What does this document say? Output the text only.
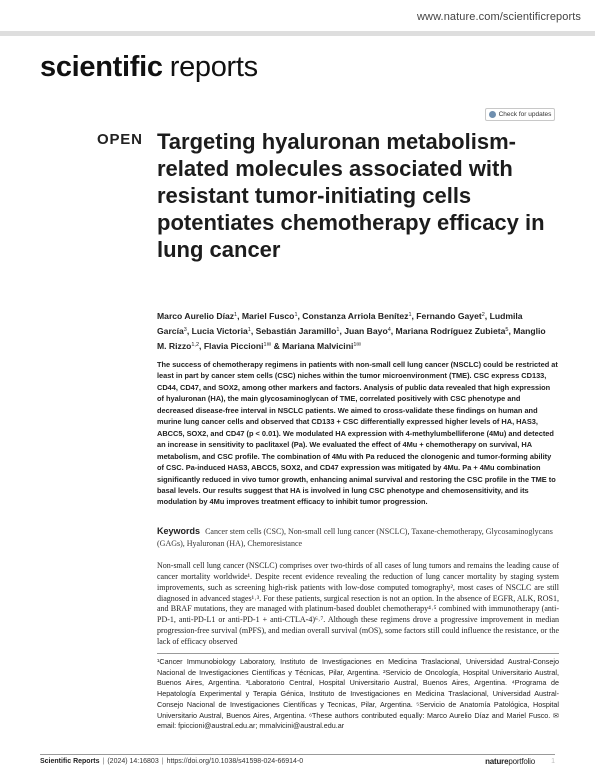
www.nature.com/scientificreports
scientific reports
Check for updates
OPEN Targeting hyaluronan metabolism-related molecules associated with resistant tumor-initiating cells potentiates chemotherapy efficacy in lung cancer
Marco Aurelio Díaz$^1$, Mariel Fusco$^1$, Constanza Arriola Benítez$^1$, Fernando Gayet$^2$, Ludmila García$^3$, Lucia Victoria$^1$, Sebastián Jaramillo$^1$, Juan Bayo$^4$, Mariana Rodríguez Zubieta$^5$, Manglio M. Rizzo$^{1,2}$, Flavia Piccioni$^{1✉}$ & Mariana Malvicini$^{1✉}$

The success of chemotherapy regimens in patients with non-small cell lung cancer (NSCLC) could be restricted at least in part by cancer stem cells (CSC) niches within the tumor microenvironment (TME). CSC express CD133, CD44, CD47, and SOX2, among other markers and factors. Analysis of public data revealed that high expression of hyaluronan (HA), the main glycosaminoglycan of TME, correlated positively with CSC phenotype and decreased disease-free interval in NSCLC patients. We aimed to cross-validate these findings on human and murine lung cancer cells and observed that CD133 + CSC differentially expressed higher levels of HA, HAS3, ABCC5, SOX2, and CD47 (p < 0.01). We modulated HA expression with 4-methylumbelliferone (4Mu) and detected an increase in sensitivity to paclitaxel (Pa). We evaluated the effect of 4Mu + chemotherapy on survival, HA metabolism, and CSC profile. The combination of 4Mu with Pa reduced the clonogenic and tumor-forming ability of CSC. Pa-induced HAS3, ABCC5, SOX2, and CD47 expression was mitigated by 4Mu. Pa + 4Mu combination significantly reduced in vivo tumor growth, enhancing animal survival and restoring the CSC profile in the TME to basal levels. Our results suggest that HA is involved in lung CSC phenotype and chemosensitivity, and its modulation by 4Mu improves treatment efficacy to inhibit tumor progression.

Keywords Cancer stem cells (CSC), Non-small cell lung cancer (NSCLC), Taxane-chemotherapy, Glycosaminoglycans (GAGs), Hyaluronan (HA), Chemoresistance

Non-small cell lung cancer (NSCLC) comprises over two-thirds of all cases of lung tumors and remains the leading cause of cancer mortality worldwide¹. Despite recent evidence revealing the reduction of lung cancer mortality by staging system improvements, such as screening high-risk patients with low-dose computed tomography², most cases of NSCLC are still diagnosed in advanced stages¹˒³. For these patients, surgical resection is not an option. In the absence of EGFR, ALK, ROS1, and BRAF mutations, they are managed with platinum-based doublet chemotherapy⁴˒⁵ combined with immunotherapy (anti-PD-1, anti-PD-L1 or anti-PD-1 + anti-CTLA-4)⁶˒⁷. Although these regimens drove a progressive improvement in median progression-free survival (mPFS), and median overall survival (mOS), some factors still could influence the resistance, or the lack of efficacy observed

¹Cancer Immunobiology Laboratory, Instituto de Investigaciones en Medicina Traslacional, Universidad Austral-Consejo Nacional de Investigaciones Científicas y Técnicas, Pilar, Argentina. ²Servicio de Oncología, Hospital Universitario Austral, Buenos Aires, Argentina. ³Laboratorio Central, Hospital Universitario Austral, Buenos Aires, Argentina. ⁴Programa de Hepatología Experimental y Terapia Génica, Instituto de Investigaciones en Medicina Traslacional, Universidad Austral-Consejo Nacional de Investigaciones Científicas y Tecnicas, Pilar, Argentina. ⁵Servicio de Anatomía Patológica, Hospital Universitario Austral, Buenos Aires, Argentina. ⁶These authors contributed equally: Marco Aurelio Díaz and Mariel Fusco. ✉email: fpiccioni@austral.edu.ar; mmalvicini@austral.edu.ar

Scientific Reports | (2024) 14:16803 | https://doi.org/10.1038/s41598-024-66914-0	natureportfolio 1
